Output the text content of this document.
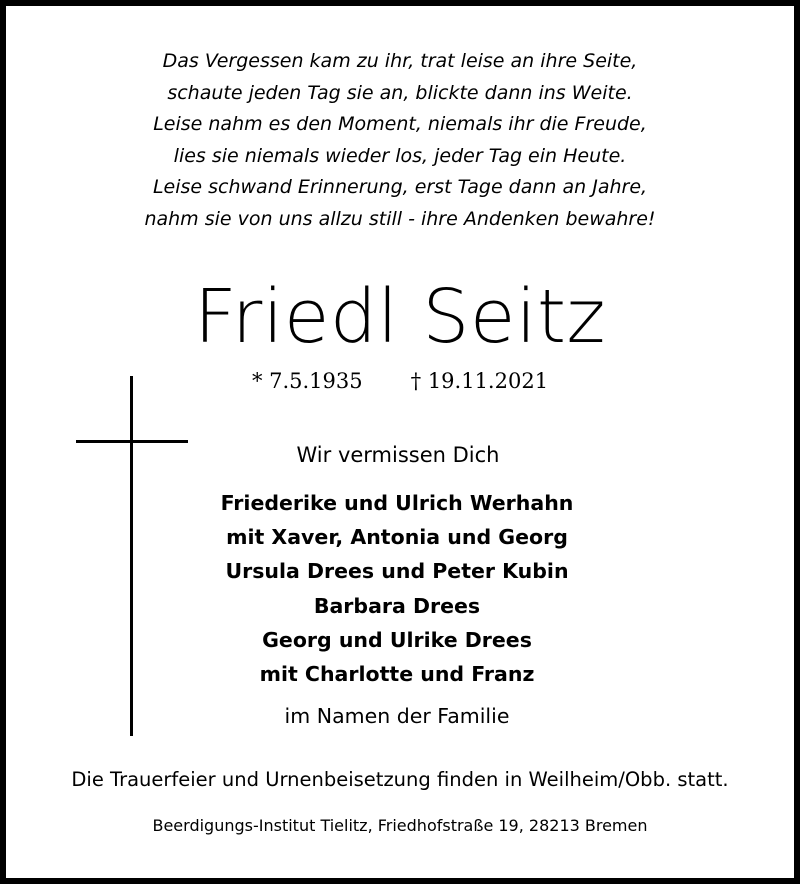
Das Vergessen kam zu ihr, trat leise an ihre Seite,
schaute jeden Tag sie an, blickte dann ins Weite.
Leise nahm es den Moment, niemals ihr die Freude,
lies sie niemals wieder los, jeder Tag ein Heute.
Leise schwand Erinnerung, erst Tage dann an Jahre,
nahm sie von uns allzu still - ihre Andenken bewahre!
Friedl Seitz
* 7.5.1935 † 19.11.2021
Wir vermissen Dich
Friederike und Ulrich Werhahn
mit Xaver, Antonia und Georg
Ursula Drees und Peter Kubin
Barbara Drees
Georg und Ulrike Drees
mit Charlotte und Franz
im Namen der Familie
Die Trauerfeier und Urnenbeisetzung finden in Weilheim/Obb. statt.
Beerdigungs-Institut Tielitz, Friedhofstraße 19, 28213 Bremen
